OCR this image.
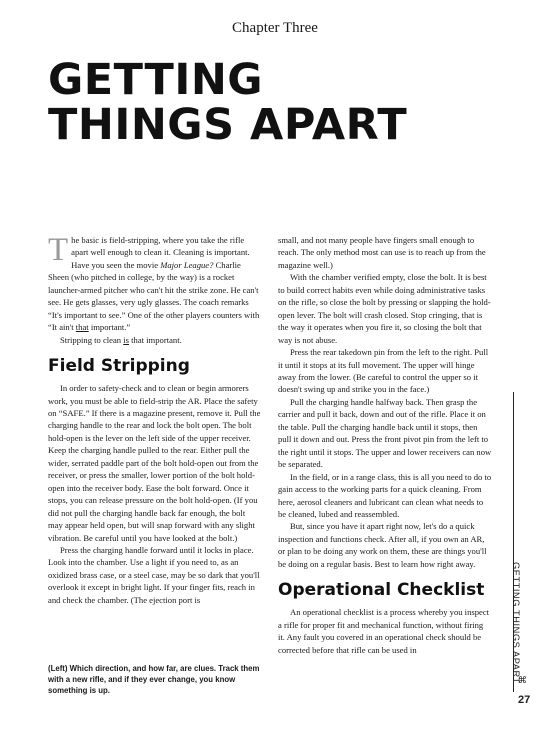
Chapter Three
GETTING
THINGS APART

The basic is field-stripping, where you take the rifle apart well enough to clean it. Cleaning is important. Have you seen the movie Major League? Charlie Sheen (who pitched in college, by the way) is a rocket launcher-armed pitcher who can't hit the strike zone. He can't see. He gets glasses, very ugly glasses. The coach remarks “It's important to see.” One of the other players counters with “It ain't that important.”

Stripping to clean is that important.

Field Stripping

In order to safety-check and to clean or begin armorers work, you must be able to field-strip the AR. Place the safety on “SAFE.” If there is a magazine present, remove it. Pull the charging handle to the rear and lock the bolt open. The bolt hold-open is the lever on the left side of the upper receiver. Keep the charging handle pulled to the rear. Either pull the wider, serrated paddle part of the bolt hold-open out from the receiver, or press the smaller, lower portion of the bolt hold-open into the receiver body. Ease the bolt forward. Once it stops, you can release pressure on the bolt hold-open. (If you did not pull the charging handle back far enough, the bolt may appear held open, but will snap forward with any slight vibration. Be careful until you have looked at the bolt.)

Press the charging handle forward until it locks in place. Look into the chamber. Use a light if you need to, as an oxidized brass case, or a steel case, may be so dark that you'll overlook it except in bright light. If your finger fits, reach in and check the chamber. (The ejection port is

small, and not many people have fingers small enough to reach. The only method most can use is to reach up from the magazine well.)

With the chamber verified empty, close the bolt. It is best to build correct habits even while doing administrative tasks on the rifle, so close the bolt by pressing or slapping the hold-open lever. The bolt will crash closed. Stop cringing, that is the way it operates when you fire it, so closing the bolt that way is not abuse.

Press the rear takedown pin from the left to the right. Pull it until it stops at its full movement. The upper will hinge away from the lower. (Be careful to control the upper so it doesn't swing up and strike you in the face.)

Pull the charging handle halfway back. Then grasp the carrier and pull it back, down and out of the rifle. Place it on the table. Pull the charging handle back until it stops, then pull it down and out. Press the front pivot pin from the left to the right until it stops. The upper and lower receivers can now be separated.

In the field, or in a range class, this is all you need to do to gain access to the working parts for a quick cleaning. From here, aerosol cleaners and lubricant can clean what needs to be cleaned, lubed and reassembled.

But, since you have it apart right now, let's do a quick inspection and functions check. After all, if you own an AR, or plan to be doing any work on them, these are things you'll be doing on a regular basis. Best to learn how right away.

Operational Checklist

An operational checklist is a process whereby you inspect a rifle for proper fit and mechanical function, without firing it. Any fault you covered in an operational check should be corrected before that rifle can be used in

(Left) Which direction, and how far, are clues. Track them with a new rifle, and if they ever change, you know something is up.
GETTING THINGS APART
⌘
27
